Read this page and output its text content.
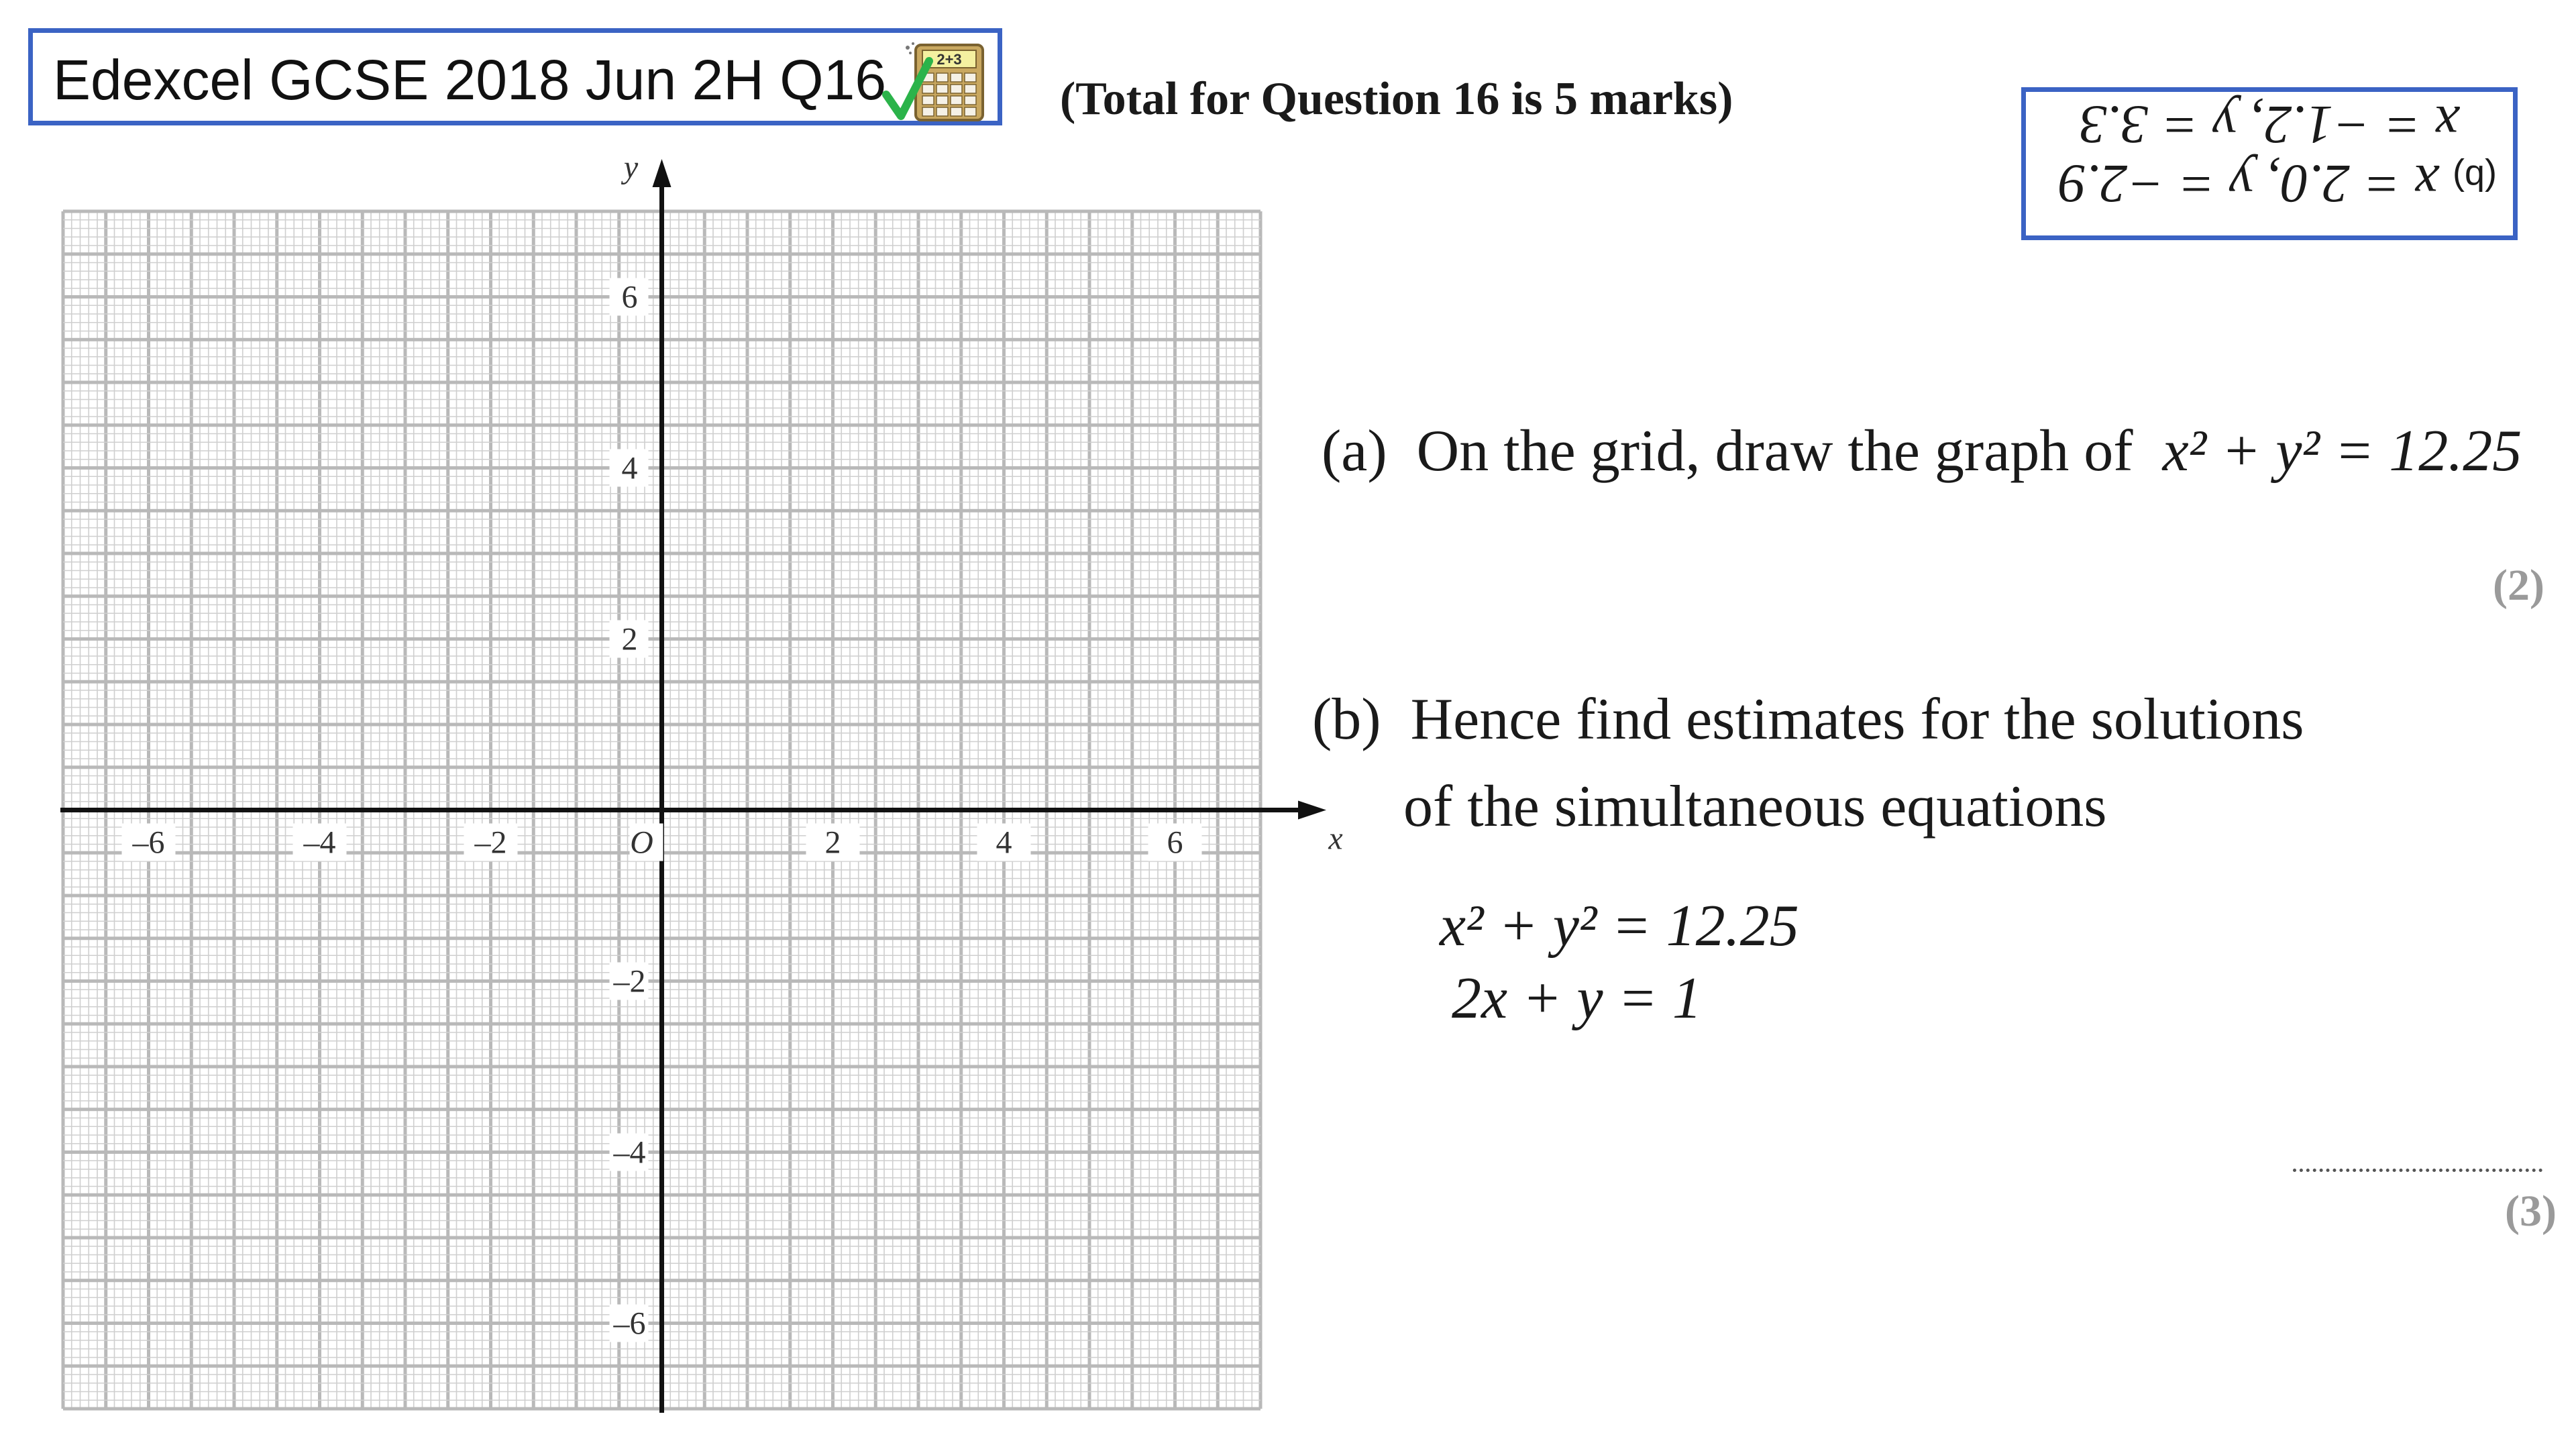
Edexcel GCSE 2018 Jun 2H Q16	2+3
(Total for Question 16 is 5 marks)
(b) x = 2.0, y = −2.9
x = −1.2, y = 3.3
–6	–4	–2	2	4	6
6
4
2
–2
–4
–6
O	x
y
(a) On the grid, draw the graph of x² + y² = 12.25
(2)
(b) Hence find estimates for the solutions
of the simultaneous equations
x² + y² = 12.25
2x + y = 1
(3)
